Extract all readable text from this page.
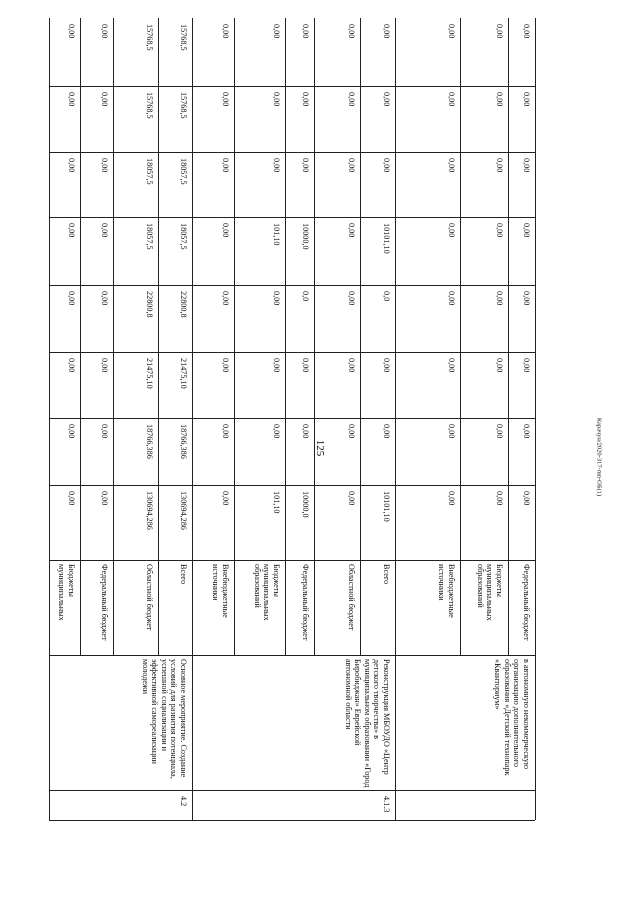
125	Карачун/2020-317-mn-OБ(1)
в автономную некоммерческую организацию дополнительного образования «Детский технопарк «Кванториум»
Федеральный бюджет
0,00
0,00
0,00
0,00
0,00
0,00
0,00
0,00
Бюджеты муниципальных образований
0,00
0,00
0,00
0,00
0,00
0,00
0,00
0,00
Внебюджетные источники
0,00
0,00
0,00
0,00
0,00
0,00
0,00
0,00
4.1.3
Реконструкция МБОУДО «Центр детского творчества» в муниципальном образовании «Город Биробиджан» Еврейской автономной области
Всего
10101,10
0,00
0,00
0,0
10101,10
0,00
0,00
0,00
Областной бюджет
0,00
0,00
0,00
0,00
0,00
0,00
0,00
0,00
Федеральный бюджет
10000,0
0,00
0,00
0,0
10000,0
0,00
0,00
0,00
Бюджеты муниципальных образований
101,10
0,00
0,00
0,00
101,10
0,00
0,00
0,00
Внебюджетные источники
0,00
0,00
0,00
0,00
0,00
0,00
0,00
0,00
4.2
Основное мероприятие. Создание условий для развития потенциала, успешной социализации и эффективной самореализации молодежи
Всего
130694,286
18766,386
21475,10
22800,8
18057,5
18057,5
15768,5
15768,5
Областной бюджет
130694,286
18766,386
21475,10
22800,8
18057,5
18057,5
15768,5
15768,5
Федеральный бюджет
0,00
0,00
0,00
0,00
0,00
0,00
0,00
0,00
Бюджеты муниципальных
0,00
0,00
0,00
0,00
0,00
0,00
0,00
0,00
